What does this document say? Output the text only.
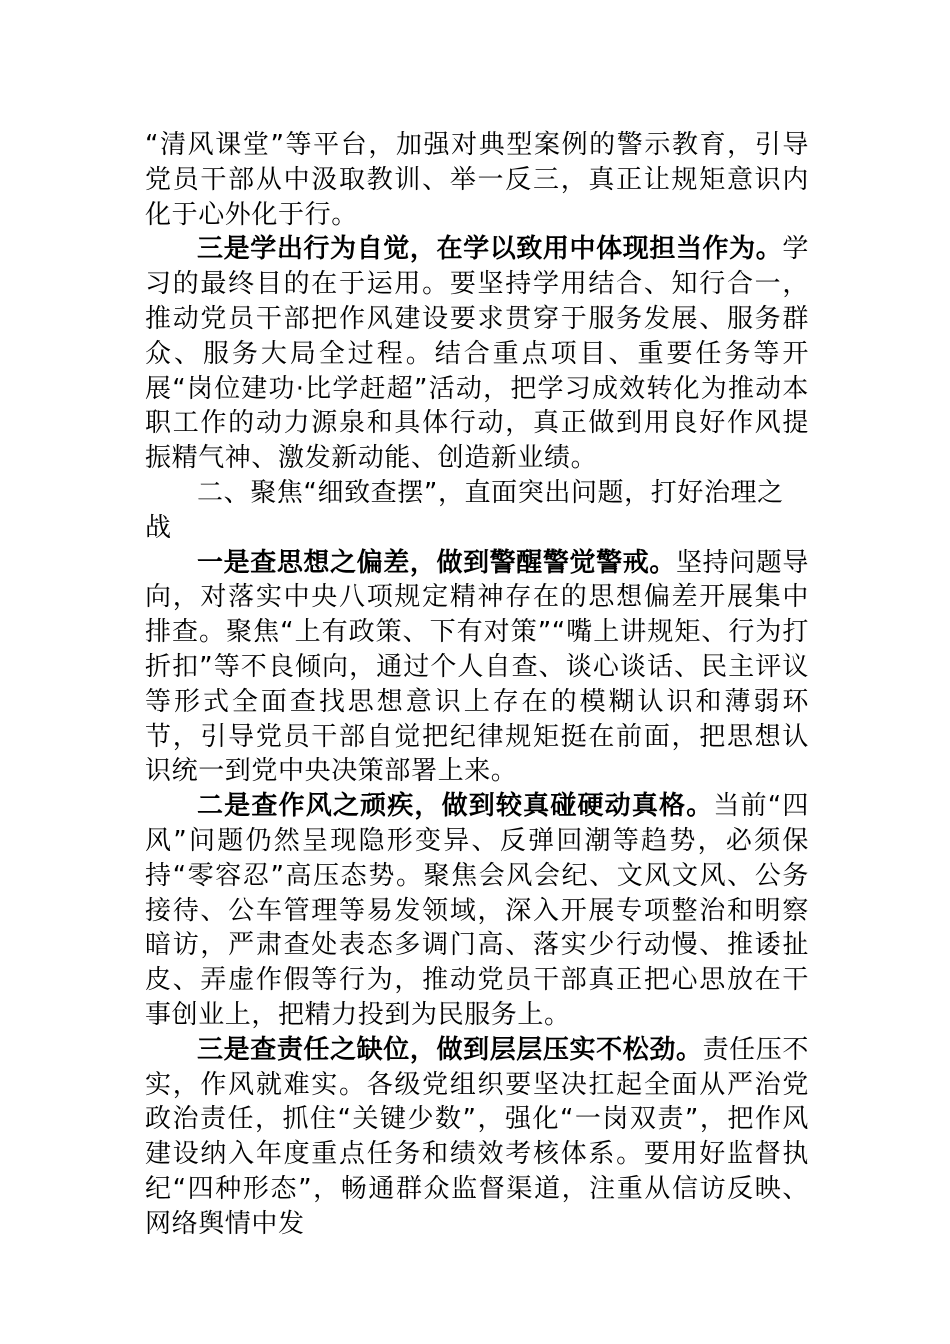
“清风课堂”等平台，加强对典型案例的警示教育，引导党员干部从中汲取教训、举一反三，真正让规矩意识内化于心外化于行。

三是学出行为自觉，在学以致用中体现担当作为。学习的最终目的在于运用。要坚持学用结合、知行合一，推动党员干部把作风建设要求贯穿于服务发展、服务群众、服务大局全过程。结合重点项目、重要任务等开展“岗位建功·比学赶超”活动，把学习成效转化为推动本职工作的动力源泉和具体行动，真正做到用良好作风提振精气神、激发新动能、创造新业绩。

二、聚焦“细致查摆”，直面突出问题，打好治理之战

一是查思想之偏差，做到警醒警觉警戒。坚持问题导向，对落实中央八项规定精神存在的思想偏差开展集中排查。聚焦“上有政策、下有对策”“嘴上讲规矩、行为打折扣”等不良倾向，通过个人自查、谈心谈话、民主评议等形式全面查找思想意识上存在的模糊认识和薄弱环节，引导党员干部自觉把纪律规矩挺在前面，把思想认识统一到党中央决策部署上来。

二是查作风之顽疾，做到较真碰硬动真格。当前“四风”问题仍然呈现隐形变异、反弹回潮等趋势，必须保持“零容忍”高压态势。聚焦会风会纪、文风文风、公务接待、公车管理等易发领域，深入开展专项整治和明察暗访，严肃查处表态多调门高、落实少行动慢、推诿扯皮、弄虚作假等行为，推动党员干部真正把心思放在干事创业上，把精力投到为民服务上。

三是查责任之缺位，做到层层压实不松劲。责任压不实，作风就难实。各级党组织要坚决扛起全面从严治党政治责任，抓住“关键少数”，强化“一岗双责”，把作风建设纳入年度重点任务和绩效考核体系。要用好监督执纪“四种形态”，畅通群众监督渠道，注重从信访反映、网络舆情中发
